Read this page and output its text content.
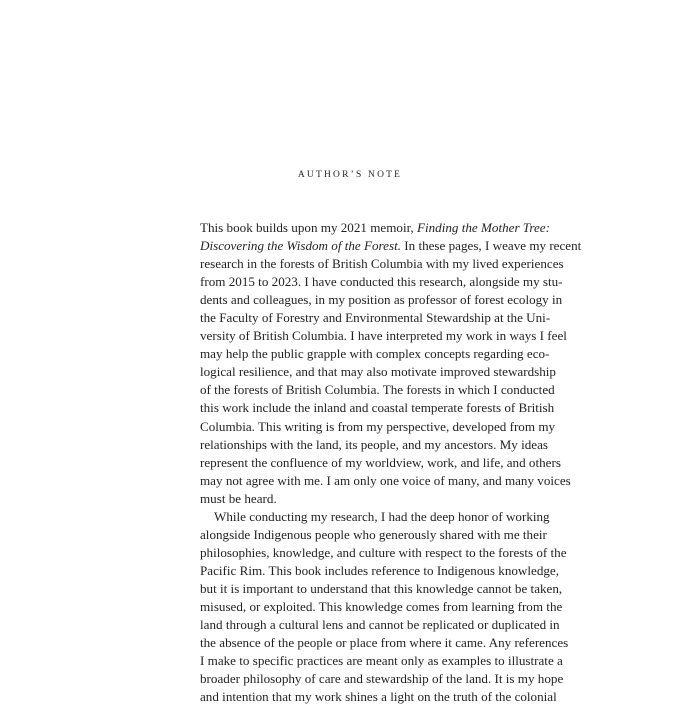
AUTHOR’S NOTE
This book builds upon my 2021 memoir, Finding the Mother Tree:
Discovering the Wisdom of the Forest. In these pages, I weave my recent
research in the forests of British Columbia with my lived experiences
from 2015 to 2023. I have conducted this research, alongside my stu-
dents and colleagues, in my position as professor of forest ecology in
the Faculty of Forestry and Environmental Stewardship at the Uni-
versity of British Columbia. I have interpreted my work in ways I feel
may help the public grapple with complex concepts regarding eco-
logical resilience, and that may also motivate improved stewardship
of the forests of British Columbia. The forests in which I conducted
this work include the inland and coastal temperate forests of British
Columbia. This writing is from my perspective, developed from my
relationships with the land, its people, and my ancestors. My ideas
represent the confluence of my worldview, work, and life, and others
may not agree with me. I am only one voice of many, and many voices
must be heard.
While conducting my research, I had the deep honor of working
alongside Indigenous people who generously shared with me their
philosophies, knowledge, and culture with respect to the forests of the
Pacific Rim. This book includes reference to Indigenous knowledge,
but it is important to understand that this knowledge cannot be taken,
misused, or exploited. This knowledge comes from learning from the
land through a cultural lens and cannot be replicated or duplicated in
the absence of the people or place from where it came. Any references
I make to specific practices are meant only as examples to illustrate a
broader philosophy of care and stewardship of the land. It is my hope
and intention that my work shines a light on the truth of the colonial
